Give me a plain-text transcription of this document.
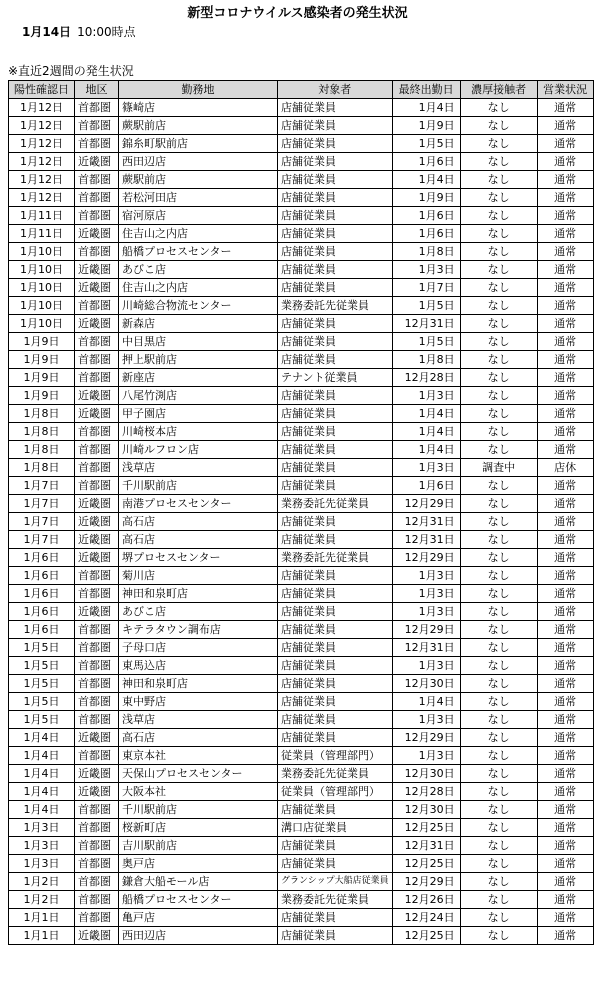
新型コロナウイルス感染者の発生状況
1月14日 10:00時点
※直近2週間の発生状況
陽性確認日	地区	勤務地	対象者	最終出勤日	濃厚接触者	営業状況
1月12日	首都圏	篠崎店	店舗従業員	1月4日	なし	通常
1月12日	首都圏	蕨駅前店	店舗従業員	1月9日	なし	通常
1月12日	首都圏	錦糸町駅前店	店舗従業員	1月5日	なし	通常
1月12日	近畿圏	西田辺店	店舗従業員	1月6日	なし	通常
1月12日	首都圏	蕨駅前店	店舗従業員	1月4日	なし	通常
1月12日	首都圏	若松河田店	店舗従業員	1月9日	なし	通常
1月11日	首都圏	宿河原店	店舗従業員	1月6日	なし	通常
1月11日	近畿圏	住吉山之内店	店舗従業員	1月6日	なし	通常
1月10日	首都圏	船橋プロセスセンター	店舗従業員	1月8日	なし	通常
1月10日	近畿圏	あびこ店	店舗従業員	1月3日	なし	通常
1月10日	近畿圏	住吉山之内店	店舗従業員	1月7日	なし	通常
1月10日	首都圏	川崎総合物流センター	業務委託先従業員	1月5日	なし	通常
1月10日	近畿圏	新森店	店舗従業員	12月31日	なし	通常
1月9日	首都圏	中目黒店	店舗従業員	1月5日	なし	通常
1月9日	首都圏	押上駅前店	店舗従業員	1月8日	なし	通常
1月9日	首都圏	新座店	テナント従業員	12月28日	なし	通常
1月9日	近畿圏	八尾竹渕店	店舗従業員	1月3日	なし	通常
1月8日	近畿圏	甲子園店	店舗従業員	1月4日	なし	通常
1月8日	首都圏	川崎桜本店	店舗従業員	1月4日	なし	通常
1月8日	首都圏	川崎ルフロン店	店舗従業員	1月4日	なし	通常
1月8日	首都圏	浅草店	店舗従業員	1月3日	調査中	店休
1月7日	首都圏	千川駅前店	店舗従業員	1月6日	なし	通常
1月7日	近畿圏	南港プロセスセンター	業務委託先従業員	12月29日	なし	通常
1月7日	近畿圏	高石店	店舗従業員	12月31日	なし	通常
1月7日	近畿圏	高石店	店舗従業員	12月31日	なし	通常
1月6日	近畿圏	堺プロセスセンター	業務委託先従業員	12月29日	なし	通常
1月6日	首都圏	菊川店	店舗従業員	1月3日	なし	通常
1月6日	首都圏	神田和泉町店	店舗従業員	1月3日	なし	通常
1月6日	近畿圏	あびこ店	店舗従業員	1月3日	なし	通常
1月6日	首都圏	キテラタウン調布店	店舗従業員	12月29日	なし	通常
1月5日	首都圏	子母口店	店舗従業員	12月31日	なし	通常
1月5日	首都圏	東馬込店	店舗従業員	1月3日	なし	通常
1月5日	首都圏	神田和泉町店	店舗従業員	12月30日	なし	通常
1月5日	首都圏	東中野店	店舗従業員	1月4日	なし	通常
1月5日	首都圏	浅草店	店舗従業員	1月3日	なし	通常
1月4日	近畿圏	高石店	店舗従業員	12月29日	なし	通常
1月4日	首都圏	東京本社	従業員（管理部門）	1月3日	なし	通常
1月4日	近畿圏	天保山プロセスセンター	業務委託先従業員	12月30日	なし	通常
1月4日	近畿圏	大阪本社	従業員（管理部門）	12月28日	なし	通常
1月4日	首都圏	千川駅前店	店舗従業員	12月30日	なし	通常
1月3日	首都圏	桜新町店	溝口店従業員	12月25日	なし	通常
1月3日	首都圏	吉川駅前店	店舗従業員	12月31日	なし	通常
1月3日	首都圏	奥戸店	店舗従業員	12月25日	なし	通常
1月2日	首都圏	鎌倉大船モール店	グランシップ大船店従業員	12月29日	なし	通常
1月2日	首都圏	船橋プロセスセンター	業務委託先従業員	12月26日	なし	通常
1月1日	首都圏	亀戸店	店舗従業員	12月24日	なし	通常
1月1日	近畿圏	西田辺店	店舗従業員	12月25日	なし	通常
